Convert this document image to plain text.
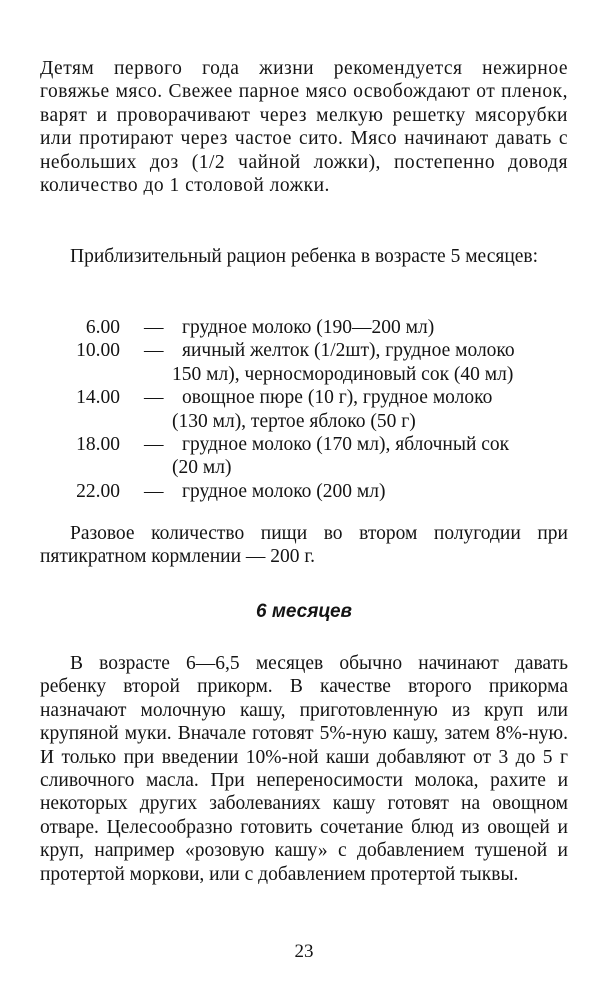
Детям первого года жизни рекомендуется нежирное говяжье мясо. Свежее парное мясо освобождают от пленок, варят и проворачивают через мелкую решетку мясорубки или протирают через частое сито. Мясо начинают давать с небольших доз (1/2 чайной ложки), постепенно доводя количество до 1 столовой ложки.

Приблизительный рацион ребенка в возрасте 5 месяцев:

6.00 — грудное молоко (190—200 мл)
10.00 — яичный желток (1/2шт), грудное молоко
150 мл), черносмородиновый сок (40 мл)
14.00 — овощное пюре (10 г), грудное молоко
(130 мл), тертое яблоко (50 г)
18.00 — грудное молоко (170 мл), яблочный сок
(20 мл)
22.00 — грудное молоко (200 мл)

Разовое количество пищи во втором полугодии при пятикратном кормлении — 200 г.

6 месяцев

В возрасте 6—6,5 месяцев обычно начинают давать ребенку второй прикорм. В качестве второго прикорма назначают молочную кашу, приготовленную из круп или крупяной муки. Вначале готовят 5%-ную кашу, затем 8%-ную. И только при введении 10%-ной каши добавляют от 3 до 5 г сливочного масла. При непереносимости молока, рахите и некоторых других заболеваниях кашу готовят на овощном отваре. Целесообразно готовить сочетание блюд из овощей и круп, например «розовую кашу» с добавлением тушеной и протертой моркови, или с добавлением протертой тыквы.

23
